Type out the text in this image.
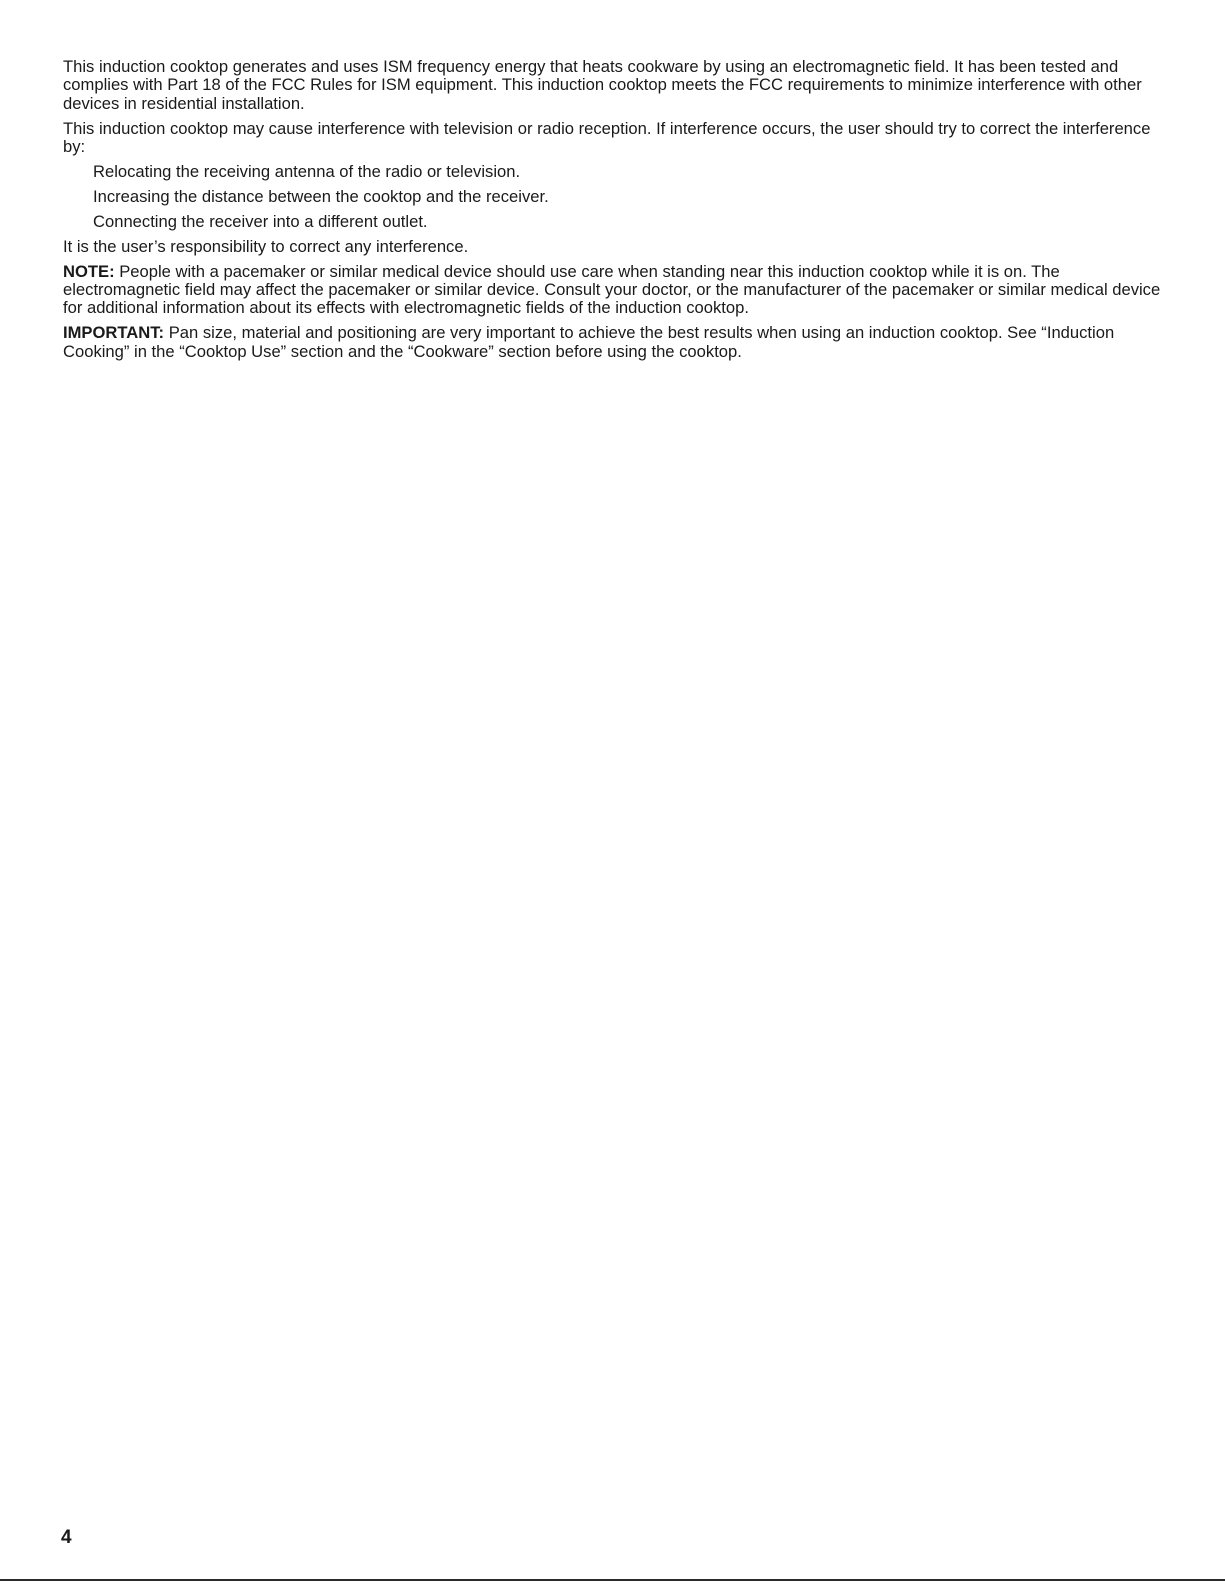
This induction cooktop generates and uses ISM frequency energy that heats cookware by using an electromagnetic field. It has been tested and complies with Part 18 of the FCC Rules for ISM equipment. This induction cooktop meets the FCC requirements to minimize interference with other devices in residential installation.

This induction cooktop may cause interference with television or radio reception. If interference occurs, the user should try to correct the interference by:

Relocating the receiving antenna of the radio or television.

Increasing the distance between the cooktop and the receiver.

Connecting the receiver into a different outlet.

It is the user’s responsibility to correct any interference.

NOTE: People with a pacemaker or similar medical device should use care when standing near this induction cooktop while it is on. The electromagnetic field may affect the pacemaker or similar device. Consult your doctor, or the manufacturer of the pacemaker or similar medical device for additional information about its effects with electromagnetic fields of the induction cooktop.

IMPORTANT: Pan size, material and positioning are very important to achieve the best results when using an induction cooktop. See “Induction Cooking” in the “Cooktop Use” section and the “Cookware” section before using the cooktop.

4
